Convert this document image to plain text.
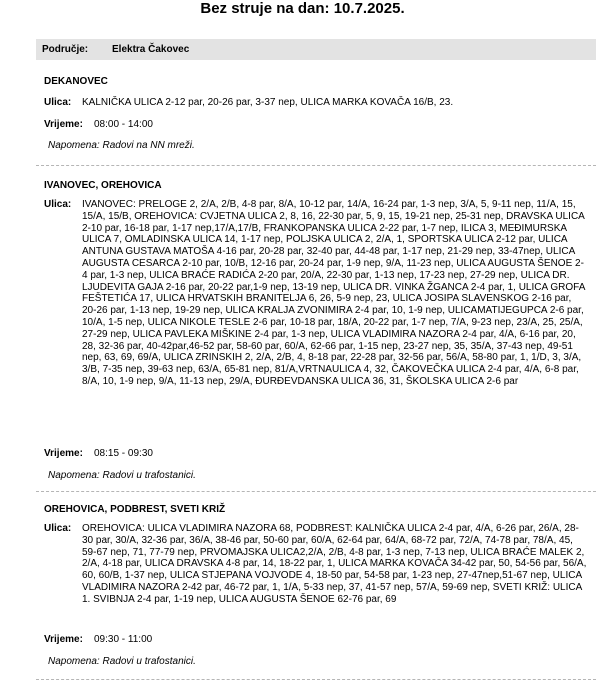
Bez struje na dan: 10.7.2025.
Područje: Elektra Čakovec
DEKANOVEC
Ulica: KALNIČKA ULICA 2-12 par, 20-26 par, 3-37 nep, ULICA MARKA KOVAČA 16/B, 23.
Vrijeme: 08:00 - 14:00
Napomena: Radovi na NN mreži.
IVANOVEC, OREHOVICA
Ulica: IVANOVEC: PRELOGE 2, 2/A, 2/B, 4-8 par, 8/A, 10-12 par, 14/A, 16-24 par, 1-3 nep, 3/A, 5, 9-11 nep, 11/A, 15, 15/A, 15/B, OREHOVICA: CVJETNA ULICA 2, 8, 16, 22-30 par, 5, 9, 15, 19-21 nep, 25-31 nep, DRAVSKA ULICA 2-10 par, 16-18 par, 1-17 nep,17/A,17/B, FRANKOPANSKA ULICA 2-22 par, 1-7 nep, ILICA 3, MEĐIMURSKA ULICA 7, OMLADINSKA ULICA 14, 1-17 nep, POLJSKA ULICA 2, 2/A, 1, SPORTSKA ULICA 2-12 par, ULICA ANTUNA GUSTAVA MATOŠA 4-16 par, 20-28 par, 32-40 par, 44-48 par, 1-17 nep, 21-29 nep, 33-47nep, ULICA AUGUSTA CESARCA 2-10 par, 10/B, 12-16 par, 20-24 par, 1-9 nep, 9/A, 11-23 nep, ULICA AUGUSTA ŠENOE 2-4 par, 1-3 nep, ULICA BRAĆE RADIĆA 2-20 par, 20/A, 22-30 par, 1-13 nep, 17-23 nep, 27-29 nep, ULICA DR. LJUDEVITA GAJA 2-16 par, 20-22 par,1-9 nep, 13-19 nep, ULICA DR. VINKA ŽGANCA 2-4 par, 1, ULICA GROFA FEŠTETIĆA 17, ULICA HRVATSKIH BRANITELJA 6, 26, 5-9 nep, 23, ULICA JOSIPA SLAVENSKOG 2-16 par, 20-26 par, 1-13 nep, 19-29 nep, ULICA KRALJA ZVONIMIRA 2-4 par, 10, 1-9 nep, ULICAMATIJEGUPCA 2-6 par, 10/A, 1-5 nep, ULICA NIKOLE TESLE 2-6 par, 10-18 par, 18/A, 20-22 par, 1-7 nep, 7/A, 9-23 nep, 23/A, 25, 25/A, 27-29 nep, ULICA PAVLEKA MIŠKINE 2-4 par, 1-3 nep, ULICA VLADIMIRA NAZORA 2-4 par, 4/A, 6-16 par, 20, 28, 32-36 par, 40-42par,46-52 par, 58-60 par, 60/A, 62-66 par, 1-15 nep, 23-27 nep, 35, 35/A, 37-43 nep, 49-51 nep, 63, 69, 69/A, ULICA ZRINSKIH 2, 2/A, 2/B, 4, 8-18 par, 22-28 par, 32-56 par, 56/A, 58-80 par, 1, 1/D, 3, 3/A, 3/B, 7-35 nep, 39-63 nep, 63/A, 65-81 nep, 81/A,VRTNAULICA 4, 32, ČAKOVEČKA ULICA 2-4 par, 4/A, 6-8 par, 8/A, 10, 1-9 nep, 9/A, 11-13 nep, 29/A, ĐURĐEVDANSKA ULICA 36, 31, ŠKOLSKA ULICA 2-6 par
Vrijeme: 08:15 - 09:30
Napomena: Radovi u trafostanici.
OREHOVICA, PODBREST, SVETI KRIŽ
Ulica: OREHOVICA: ULICA VLADIMIRA NAZORA 68, PODBREST: KALNIČKA ULICA 2-4 par, 4/A, 6-26 par, 26/A, 28-30 par, 30/A, 32-36 par, 36/A, 38-46 par, 50-60 par, 60/A, 62-64 par, 64/A, 68-72 par, 72/A, 74-78 par, 78/A, 45, 59-67 nep, 71, 77-79 nep, PRVOMAJSKA ULICA2,2/A, 2/B, 4-8 par, 1-3 nep, 7-13 nep, ULICA BRAĆE MALEK 2, 2/A, 4-18 par, ULICA DRAVSKA 4-8 par, 14, 18-22 par, 1, ULICA MARKA KOVAČA 34-42 par, 50, 54-56 par, 56/A, 60, 60/B, 1-37 nep, ULICA STJEPANA VOJVODE 4, 18-50 par, 54-58 par, 1-23 nep, 27-47nep,51-67 nep, ULICA VLADIMIRA NAZORA 2-42 par, 46-72 par, 1, 1/A, 5-33 nep, 37, 41-57 nep, 57/A, 59-69 nep, SVETI KRIŽ: ULICA 1. SVIBNJA 2-4 par, 1-19 nep, ULICA AUGUSTA ŠENOE 62-76 par, 69
Vrijeme: 09:30 - 11:00
Napomena: Radovi u trafostanici.
